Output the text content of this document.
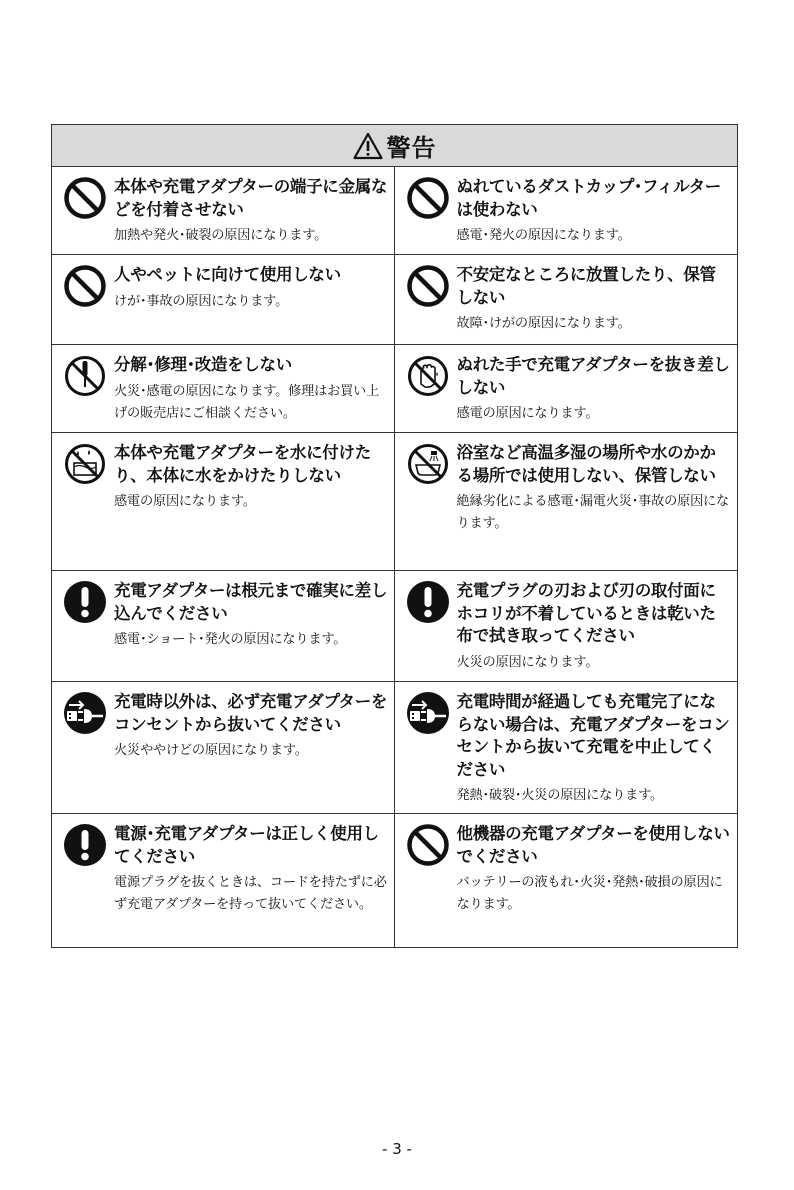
警告
本体や充電アダプターの端子に金属などを付着させない
加熱や発火･破裂の原因になります。
ぬれているダストカップ･フィルターは使わない
感電･発火の原因になります。
人やペットに向けて使用しない
けが･事故の原因になります。
不安定なところに放置したり、保管しない
故障･けがの原因になります。
分解･修理･改造をしない
火災･感電の原因になります。修理はお買い上げの販売店にご相談ください。
ぬれた手で充電アダプターを抜き差ししない
感電の原因になります。
本体や充電アダプターを水に付けたり、本体に水をかけたりしない
感電の原因になります。
浴室など高温多湿の場所や水のかかる場所では使用しない、保管しない
絶縁劣化による感電･漏電火災･事故の原因になります。
充電アダプターは根元まで確実に差し込んでください
感電･ショート･発火の原因になります。
充電プラグの刃および刃の取付面にホコリが不着しているときは乾いた布で拭き取ってください
火災の原因になります。
充電時以外は、必ず充電アダプターをコンセントから抜いてください
火災ややけどの原因になります。
充電時間が経過しても充電完了にならない場合は、充電アダプターをコンセントから抜いて充電を中止してください
発熱･破裂･火災の原因になります。
電源･充電アダプターは正しく使用してください
電源プラグを抜くときは、コードを持たずに必ず充電アダプターを持って抜いてください。
他機器の充電アダプターを使用しないでください
バッテリーの液もれ･火災･発熱･破損の原因になります。
- 3 -
